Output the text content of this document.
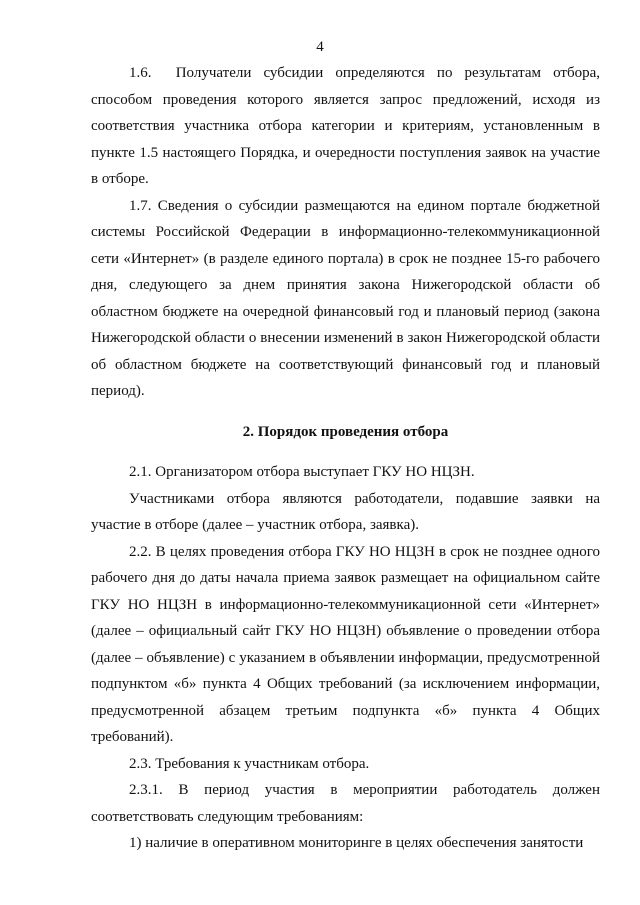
4

1.6.  Получатели субсидии определяются по результатам отбора, способом проведения которого является запрос предложений, исходя из соответствия участника отбора категории и критериям, установленным в пункте 1.5 настоящего Порядка, и очередности поступления заявок на участие в отборе.

1.7. Сведения о субсидии размещаются на едином портале бюджетной системы Российской Федерации в информационно-телекоммуникационной сети «Интернет» (в разделе единого портала) в срок не позднее 15-го рабочего дня, следующего за днем принятия закона Нижегородской области об областном бюджете на очередной финансовый год и плановый период (закона Нижегородской области о внесении изменений в закон Нижегородской области об областном бюджете на соответствующий финансовый год и плановый период).

2. Порядок проведения отбора

2.1. Организатором отбора выступает ГКУ НО НЦЗН.

Участниками отбора являются работодатели, подавшие заявки на участие в отборе (далее – участник отбора, заявка).

2.2. В целях проведения отбора ГКУ НО НЦЗН в срок не позднее одного рабочего дня до даты начала приема заявок размещает на официальном сайте ГКУ НО НЦЗН в информационно-телекоммуникационной сети «Интернет» (далее – официальный сайт ГКУ НО НЦЗН) объявление о проведении отбора (далее – объявление) с указанием в объявлении информации, предусмотренной подпунктом «б» пункта 4 Общих требований (за исключением информации, предусмотренной абзацем третьим подпункта «б» пункта 4 Общих требований).

2.3. Требования к участникам отбора.

2.3.1. В период участия в мероприятии работодатель должен соответствовать следующим требованиям:

1) наличие в оперативном мониторинге в целях обеспечения занятости
